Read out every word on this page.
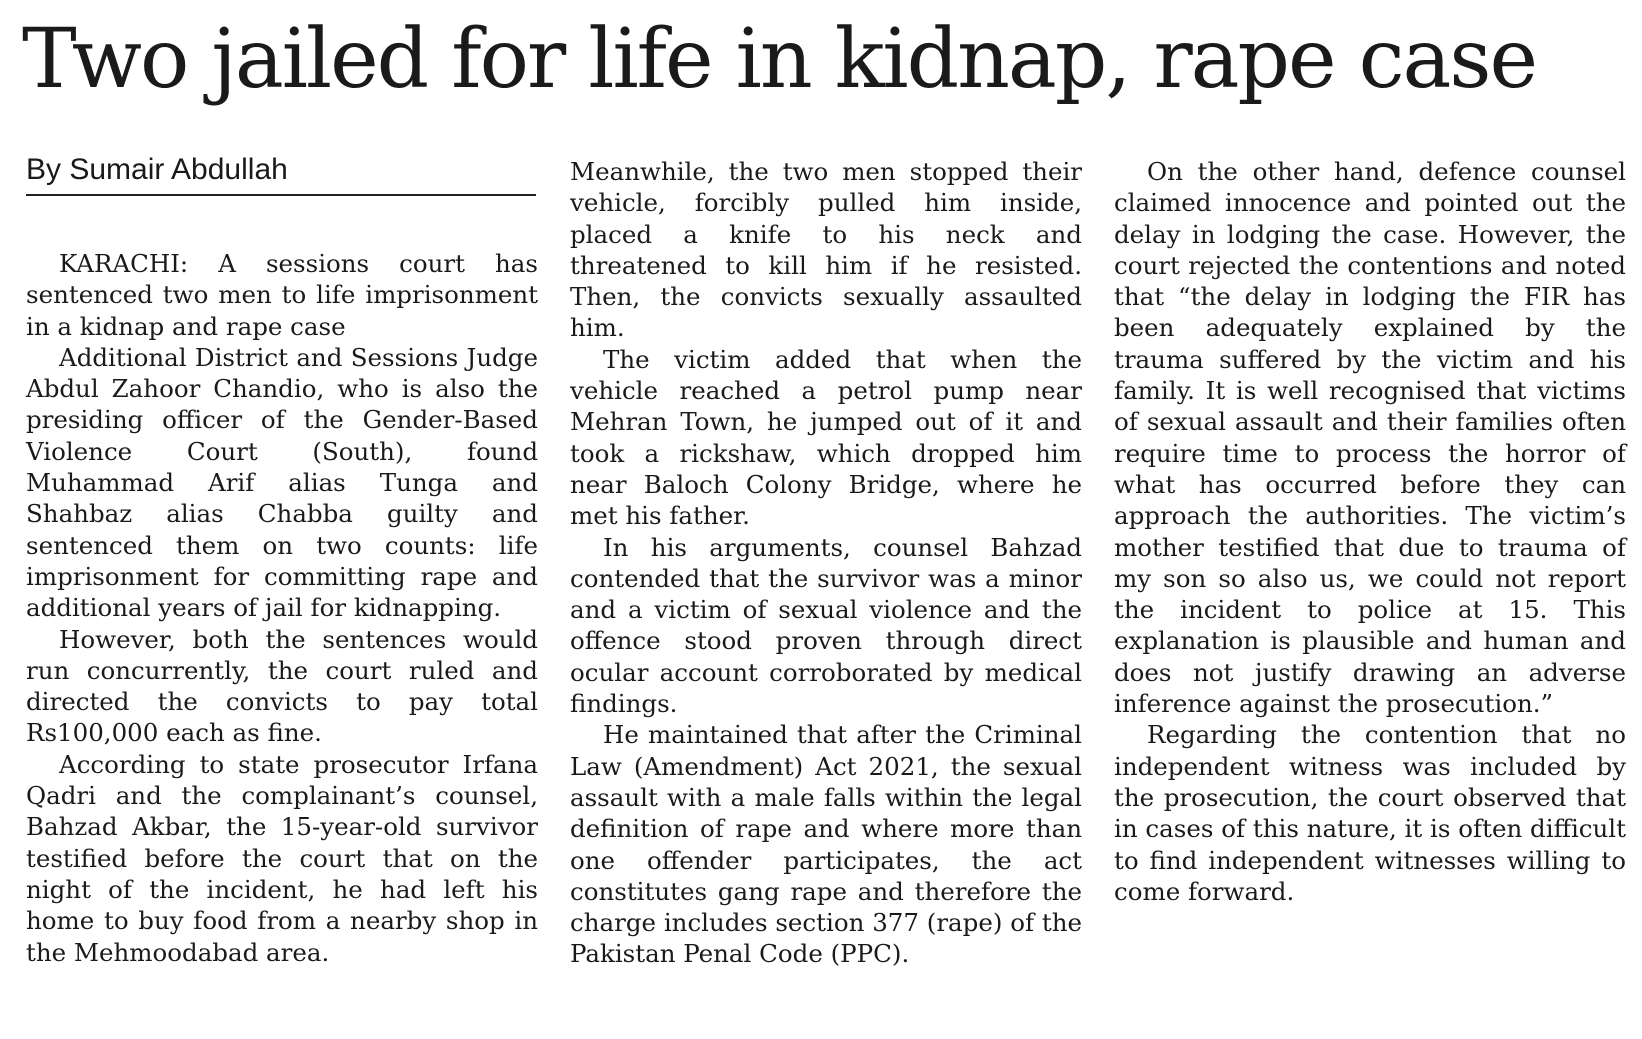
Two jailed for life in kidnap, rape case
By Sumair Abdullah

KARACHI: A sessions court has sentenced two men to life imprisonment in a kidnap and rape case

Additional District and Sessions Judge Abdul Zahoor Chandio, who is also the presiding officer of the Gender-Based Violence Court (South), found Muhammad Arif alias Tunga and Shahbaz alias Chabba guilty and sentenced them on two counts: life imprisonment for committing rape and additional years of jail for kidnapping.

However, both the sentences would run concurrently, the court ruled and directed the convicts to pay total Rs100,000 each as fine.

According to state prosecutor Irfana Qadri and the complainant’s counsel, Bahzad Akbar, the 15-year-old survivor testified before the court that on the night of the incident, he had left his home to buy food from a nearby shop in the Mehmoodabad area.

Meanwhile, the two men stopped their vehicle, forcibly pulled him inside, placed a knife to his neck and threatened to kill him if he resisted. Then, the convicts sexually assaulted him.

The victim added that when the vehicle reached a petrol pump near Mehran Town, he jumped out of it and took a rickshaw, which dropped him near Baloch Colony Bridge, where he met his father.

In his arguments, counsel Bahzad contended that the survivor was a minor and a victim of sexual violence and the offence stood proven through direct ocular account corroborated by medical findings.

He maintained that after the Criminal Law (Amendment) Act 2021, the sexual assault with a male falls within the legal definition of rape and where more than one offender participates, the act constitutes gang rape and therefore the charge includes section 377 (rape) of the Pakistan Penal Code (PPC).

On the other hand, defence counsel claimed innocence and pointed out the delay in lodging the case. However, the court rejected the contentions and noted that “the delay in lodging the FIR has been adequately explained by the trauma suffered by the victim and his family. It is well recognised that victims of sexual assault and their families often require time to process the horror of what has occurred before they can approach the authorities. The victim’s mother testified that due to trauma of my son so also us, we could not report the incident to police at 15. This explanation is plausible and human and does not justify drawing an adverse inference against the prosecution.”

Regarding the contention that no independent witness was included by the prosecution, the court observed that in cases of this nature, it is often difficult to find independent witnesses willing to come forward.
